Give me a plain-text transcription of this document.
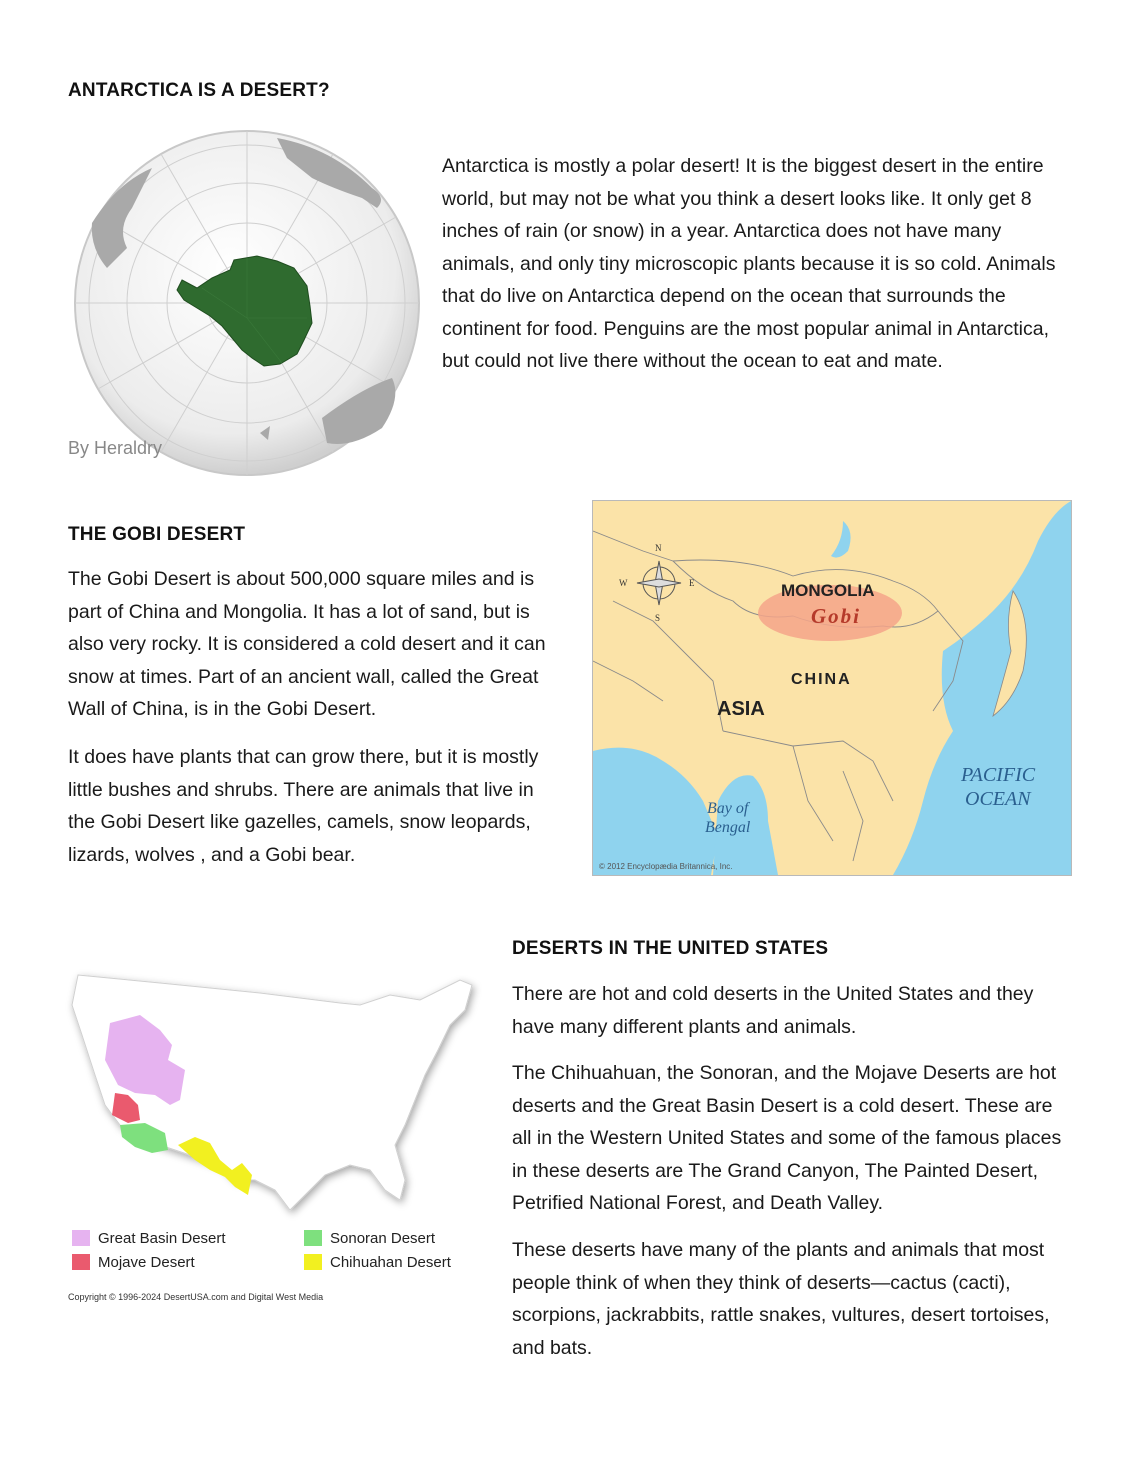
ANTARCTICA IS A DESERT?
By Heraldry

Antarctica is mostly a polar desert! It is the biggest desert in the entire world, but may not be what you think a desert looks like. It only get 8 inches of rain (or snow) in a year. Antarctica does not have many animals, and only tiny microscopic plants because it is so cold. Animals that do live on Antarctica depend on the ocean that surrounds the continent for food. Penguins are the most popular animal in Antarctica, but could not live there without the ocean to eat and mate.

THE GOBI DESERT

The Gobi Desert is about 500,000 square miles and is part of China and Mongolia. It has a lot of sand, but is also very rocky. It is considered a cold desert and it can snow at times. Part of an ancient wall, called the Great Wall of China, is in the Gobi Desert.

It does have plants that can grow there, but it is mostly little bushes and shrubs. There are animals that live in the Gobi Desert like gazelles, camels, snow leopards, lizards, wolves , and a Gobi bear.

N
S
W	E	MONGOLIA
Gobi
CHINA
ASIA
PACIFIC
OCEAN
Bay of
Bengal
© 2012 Encyclopædia Britannica, Inc.
Great Basin Desert
Mojave Desert
Sonoran Desert
Chihuahan Desert
Copyright © 1996-2024 DesertUSA.com and Digital West Media
DESERTS IN THE UNITED STATES

There are hot and cold deserts in the United States and they have many different plants and animals.

The Chihuahuan, the Sonoran, and the Mojave Deserts are hot deserts and the Great Basin Desert is a cold desert. These are all in the Western United States and some of the famous places in these deserts are The Grand Canyon, The Painted Desert, Petrified National Forest, and Death Valley.

These deserts have many of the plants and animals that most people think of when they think of deserts—cactus (cacti), scorpions, jackrabbits, rattle snakes, vultures, desert tortoises, and bats.
